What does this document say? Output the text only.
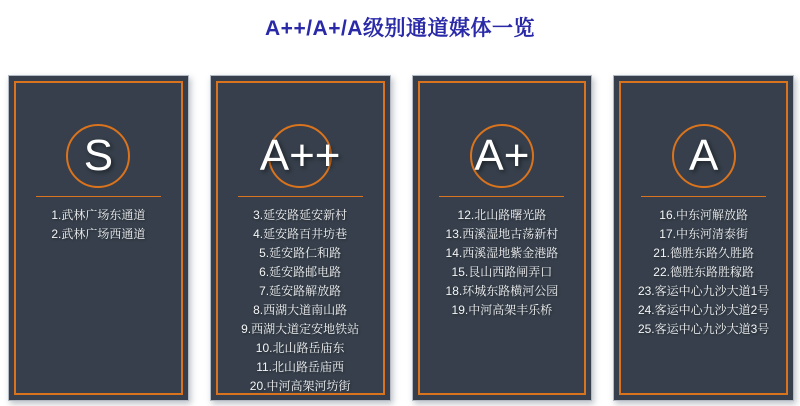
A++/A+/A级别通道媒体一览
S
1.武林广场东通道
2.武林广场西通道
A++
3.延安路延安新村
4.延安路百井坊巷
5.延安路仁和路
6.延安路邮电路
7.延安路解放路
8.西湖大道南山路
9.西湖大道定安地铁站
10.北山路岳庙东
11.北山路岳庙西
20.中河高架河坊街
A+
12.北山路曙光路
13.西溪湿地古荡新村
14.西溪湿地紫金港路
15.艮山西路闸弄口
18.环城东路横河公园
19.中河高架丰乐桥
A
16.中东河解放路
17.中东河清泰街
21.德胜东路久胜路
22.德胜东路胜稼路
23.客运中心九沙大道1号
24.客运中心九沙大道2号
25.客运中心九沙大道3号
